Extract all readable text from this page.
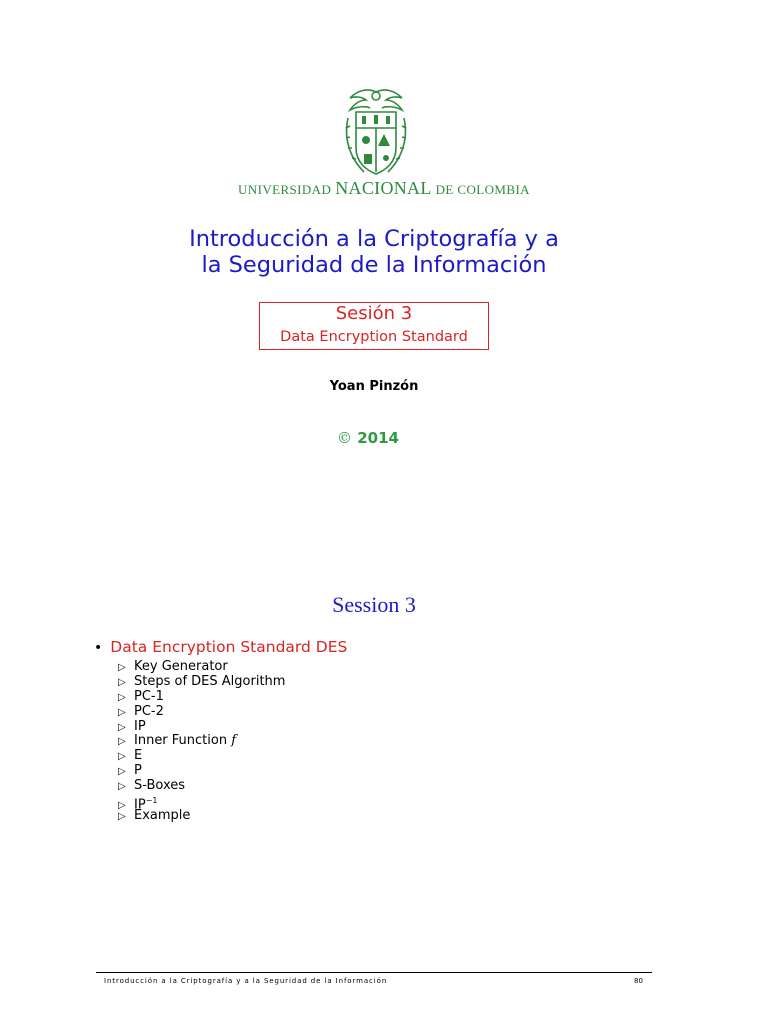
UNIVERSIDAD NACIONAL DE COLOMBIA
Introducción a la Criptografía y a
la Seguridad de la Información
Sesión 3
Data Encryption Standard
Yoan Pinzón
© 2014
Session 3
• Data Encryption Standard DES
▷ Key Generator
▷ Steps of DES Algorithm
▷ PC-1
▷ PC-2
▷ IP
▷ Inner Function f
▷ E
▷ P
▷ S-Boxes
▷ $IP^{-1}$
▷ Example
Introducción a la Criptografía y a la Seguridad de la Información	80
